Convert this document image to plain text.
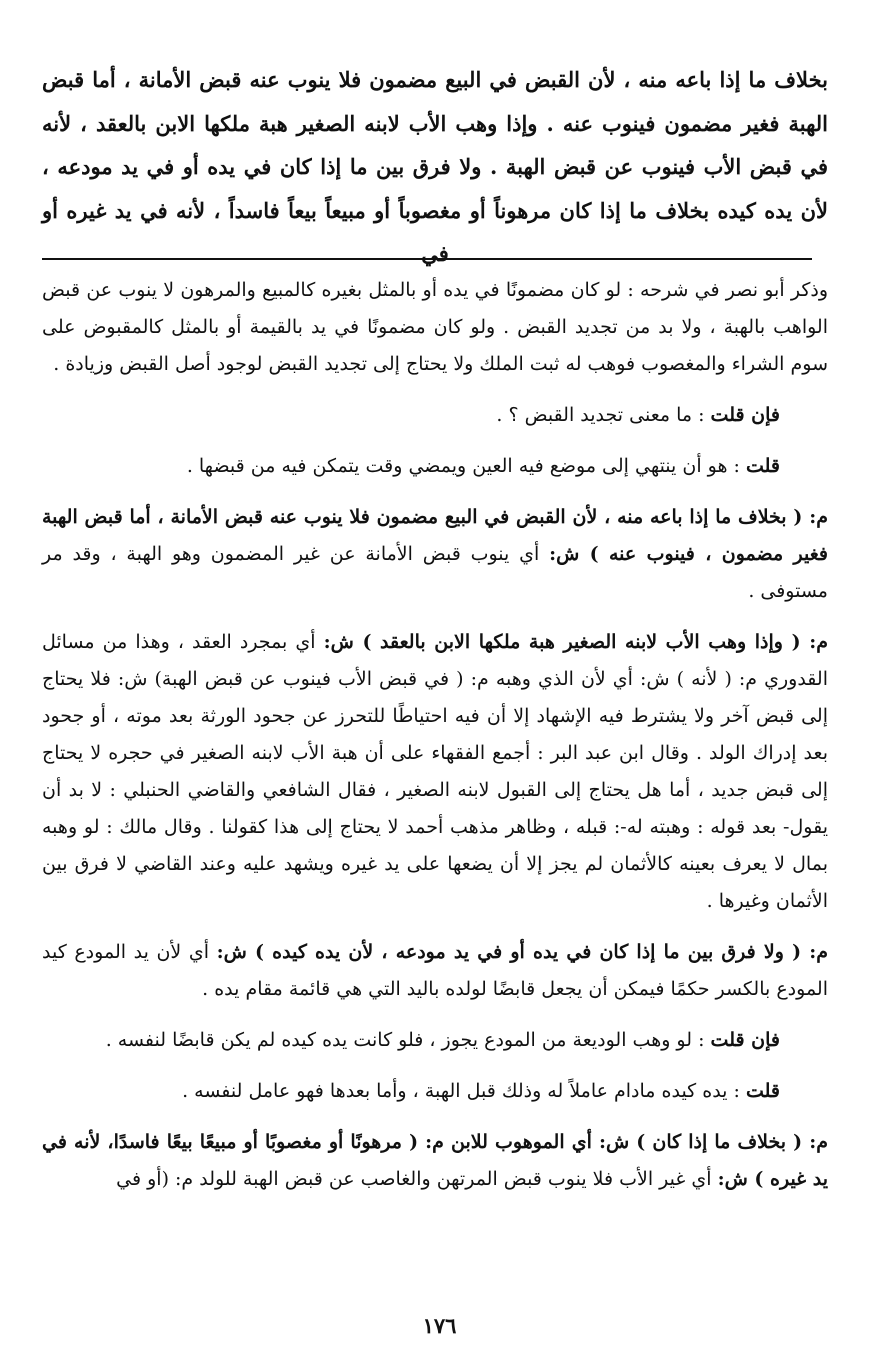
بخلاف ما إذا باعه منه ، لأن القبض في البيع مضمون فلا ينوب عنه قبض الأمانة ، أما قبض الهبة فغير مضمون فينوب عنه . وإذا وهب الأب لابنه الصغير هبة ملكها الابن بالعقد ، لأنه في قبض الأب فينوب عن قبض الهبة . ولا فرق بين ما إذا كان في يده أو في يد مودعه ، لأن يده كيده بخلاف ما إذا كان مرهوناً أو مغصوباً أو مبيعاً بيعاً فاسداً ، لأنه في يد غيره أو في

وذكر أبو نصر في شرحه : لو كان مضمونًا في يده أو بالمثل بغيره كالمبيع والمرهون لا ينوب عن قبض الواهب بالهبة ، ولا بد من تجديد القبض . ولو كان مضمونًا في يد بالقيمة أو بالمثل كالمقبوض على سوم الشراء والمغصوب فوهب له ثبت الملك ولا يحتاج إلى تجديد القبض لوجود أصل القبض وزيادة .

فإن قلت : ما معنى تجديد القبض ؟ .

قلت : هو أن ينتهي إلى موضع فيه العين ويمضي وقت يتمكن فيه من قبضها .

م: ( بخلاف ما إذا باعه منه ، لأن القبض في البيع مضمون فلا ينوب عنه قبض الأمانة ، أما قبض الهبة فغير مضمون ، فينوب عنه ) ش: أي ينوب قبض الأمانة عن غير المضمون وهو الهبة ، وقد مر مستوفى .

م: ( وإذا وهب الأب لابنه الصغير هبة ملكها الابن بالعقد ) ش: أي بمجرد العقد ، وهذا من مسائل القدوري م: ( لأنه ) ش: أي لأن الذي وهبه م: ( في قبض الأب فينوب عن قبض الهبة) ش: فلا يحتاج إلى قبض آخر ولا يشترط فيه الإشهاد إلا أن فيه احتياطًا للتحرز عن جحود الورثة بعد موته ، أو جحود بعد إدراك الولد . وقال ابن عبد البر : أجمع الفقهاء على أن هبة الأب لابنه الصغير في حجره لا يحتاج إلى قبض جديد ، أما هل يحتاج إلى القبول لابنه الصغير ، فقال الشافعي والقاضي الحنبلي : لا بد أن يقول- بعد قوله : وهبته له-: قبله ، وظاهر مذهب أحمد لا يحتاج إلى هذا كقولنا . وقال مالك : لو وهبه بمال لا يعرف بعينه كالأثمان لم يجز إلا أن يضعها على يد غيره ويشهد عليه وعند القاضي لا فرق بين الأثمان وغيرها .

م: ( ولا فرق بين ما إذا كان في يده أو في يد مودعه ، لأن يده كيده ) ش: أي لأن يد المودع كيد المودع بالكسر حكمًا فيمكن أن يجعل قابضًا لولده باليد التي هي قائمة مقام يده .

فإن قلت : لو وهب الوديعة من المودع يجوز ، فلو كانت يده كيده لم يكن قابضًا لنفسه .

قلت : يده كيده مادام عاملاً له وذلك قبل الهبة ، وأما بعدها فهو عامل لنفسه .

م: ( بخلاف ما إذا كان ) ش: أي الموهوب للابن م: ( مرهونًا أو مغصوبًا أو مبيعًا بيعًا فاسدًا، لأنه في يد غيره ) ش: أي غير الأب فلا ينوب قبض المرتهن والغاصب عن قبض الهبة للولد م: (أو في

١٧٦
